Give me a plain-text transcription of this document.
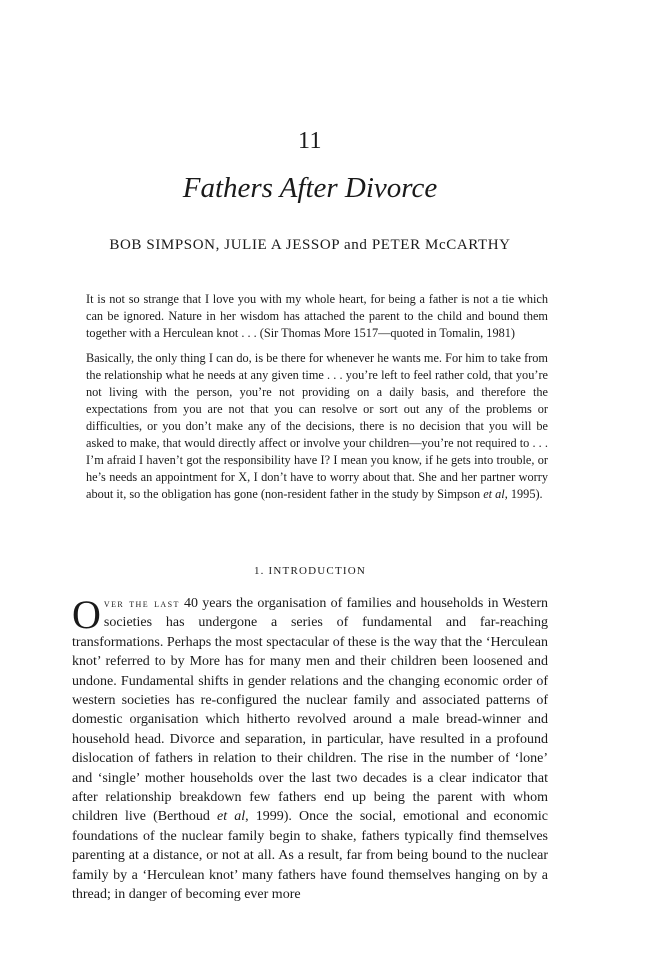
11
Fathers After Divorce
BOB SIMPSON, JULIE A JESSOP and PETER McCARTHY

It is not so strange that I love you with my whole heart, for being a father is not a tie which can be ignored. Nature in her wisdom has attached the parent to the child and bound them together with a Herculean knot . . . (Sir Thomas More 1517—quoted in Tomalin, 1981)

Basically, the only thing I can do, is be there for whenever he wants me. For him to take from the relationship what he needs at any given time . . . you’re left to feel rather cold, that you’re not living with the person, you’re not providing on a daily basis, and therefore the expectations from you are not that you can resolve or sort out any of the problems or difficulties, or you don’t make any of the decisions, there is no decision that you will be asked to make, that would directly affect or involve your children—you’re not required to . . . I’m afraid I haven’t got the responsibility have I? I mean you know, if he gets into trouble, or he’s needs an appointment for X, I don’t have to worry about that. She and her partner worry about it, so the obligation has gone (non-resident father in the study by Simpson et al, 1995).

1. INTRODUCTION

Over the last 40 years the organisation of families and households in Western societies has undergone a series of fundamental and far-reaching transformations. Perhaps the most spectacular of these is the way that the ‘Herculean knot’ referred to by More has for many men and their children been loosened and undone. Fundamental shifts in gender relations and the changing economic order of western societies has re-configured the nuclear family and associated patterns of domestic organisation which hitherto revolved around a male bread-winner and household head. Divorce and separation, in particular, have resulted in a profound dislocation of fathers in relation to their children. The rise in the number of ‘lone’ and ‘single’ mother households over the last two decades is a clear indicator that after relationship breakdown few fathers end up being the parent with whom children live (Berthoud et al, 1999). Once the social, emotional and economic foundations of the nuclear family begin to shake, fathers typically find themselves parenting at a distance, or not at all. As a result, far from being bound to the nuclear family by a ‘Herculean knot’ many fathers have found themselves hanging on by a thread; in danger of becoming ever more
